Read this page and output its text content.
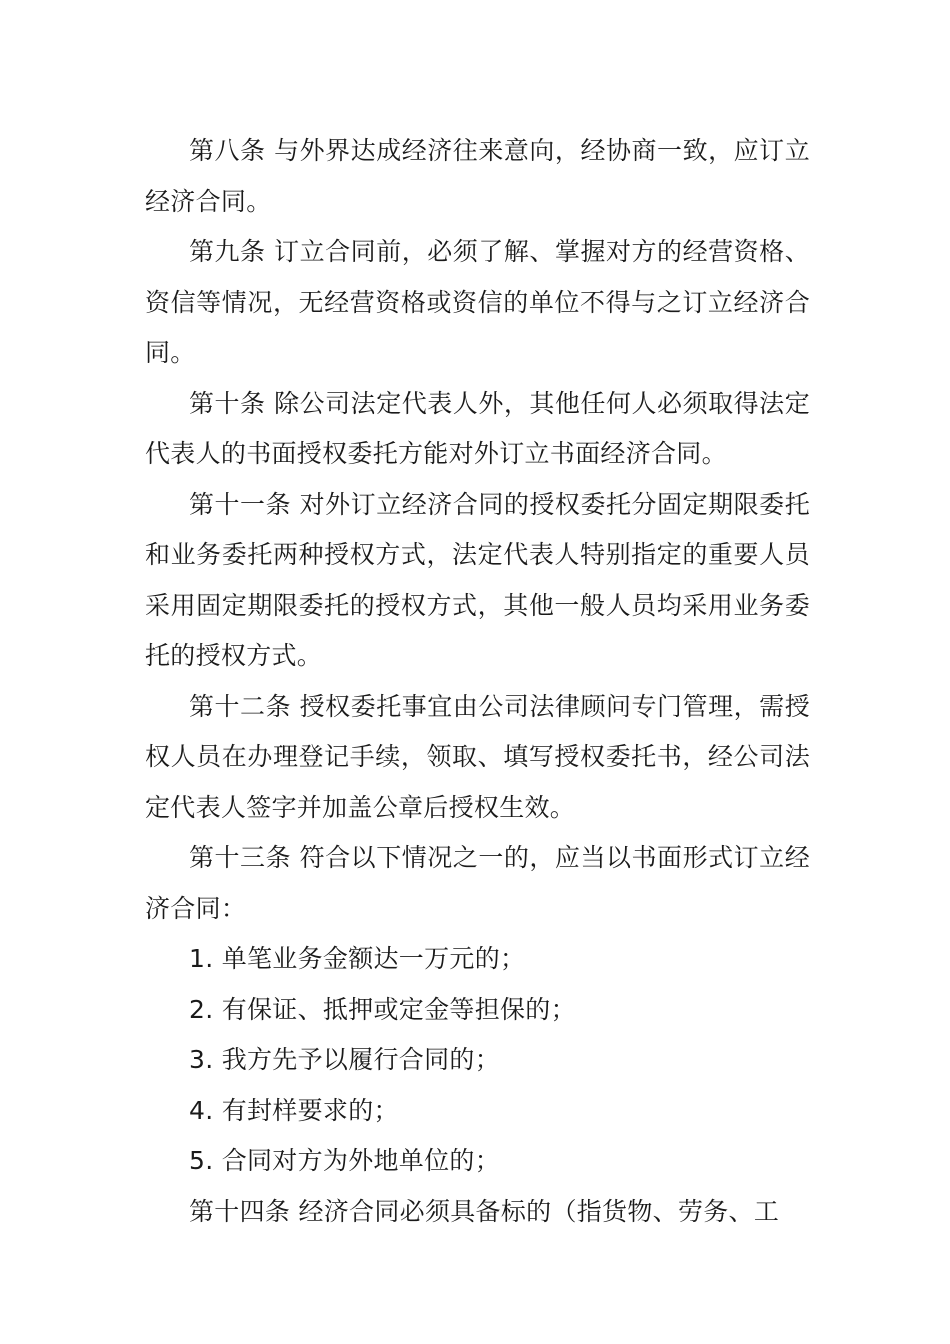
第八条 与外界达成经济往来意向，经协商一致，应订立经济合同。

第九条 订立合同前，必须了解、掌握对方的经营资格、资信等情况，无经营资格或资信的单位不得与之订立经济合同。

第十条 除公司法定代表人外，其他任何人必须取得法定代表人的书面授权委托方能对外订立书面经济合同。

第十一条 对外订立经济合同的授权委托分固定期限委托和业务委托两种授权方式，法定代表人特别指定的重要人员采用固定期限委托的授权方式，其他一般人员均采用业务委托的授权方式。

第十二条 授权委托事宜由公司法律顾问专门管理，需授权人员在办理登记手续，领取、填写授权委托书，经公司法定代表人签字并加盖公章后授权生效。

第十三条 符合以下情况之一的，应当以书面形式订立经济合同：

1. 单笔业务金额达一万元的；

2. 有保证、抵押或定金等担保的；

3. 我方先予以履行合同的；

4. 有封样要求的；

5. 合同对方为外地单位的；

第十四条 经济合同必须具备标的（指货物、劳务、工
